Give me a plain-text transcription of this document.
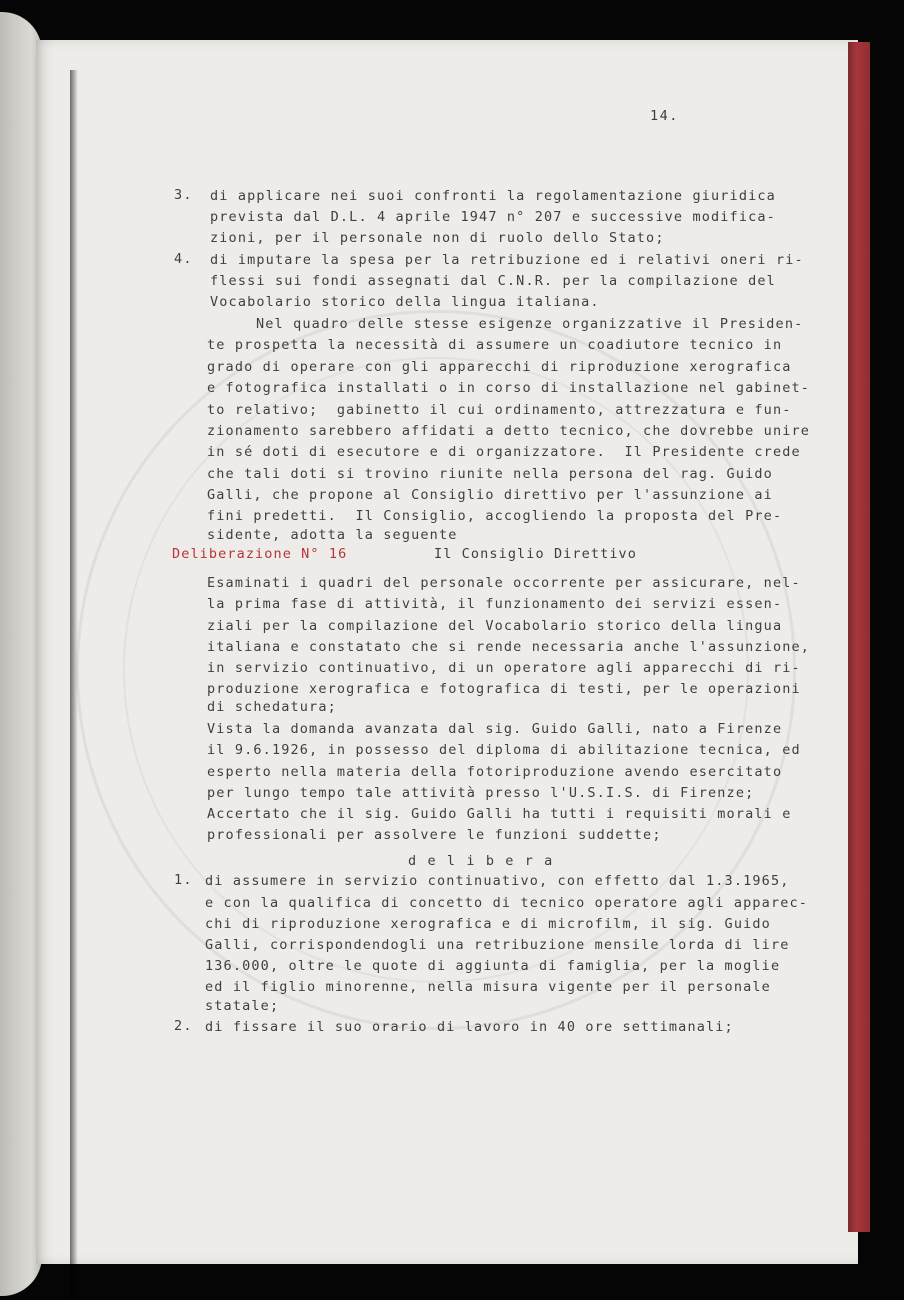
14.
3. di applicare nei suoi confronti la regolamentazione giuridica
prevista dal D.L. 4 aprile 1947 n° 207 e successive modifica-
zioni, per il personale non di ruolo dello Stato;
4. di imputare la spesa per la retribuzione ed i relativi oneri ri-
flessi sui fondi assegnati dal C.N.R. per la compilazione del
Vocabolario storico della lingua italiana.
Nel quadro delle stesse esigenze organizzative il Presiden-
te prospetta la necessità di assumere un coadiutore tecnico in
grado di operare con gli apparecchi di riproduzione xerografica
e fotografica installati o in corso di installazione nel gabinet-
to relativo;  gabinetto il cui ordinamento, attrezzatura e fun-
zionamento sarebbero affidati a detto tecnico, che dovrebbe unire
in sé doti di esecutore e di organizzatore.  Il Presidente crede
che tali doti si trovino riunite nella persona del rag. Guido
Galli, che propone al Consiglio direttivo per l'assunzione ai
fini predetti.  Il Consiglio, accogliendo la proposta del Pre-
sidente, adotta la seguente
Deliberazione N° 16	Il Consiglio Direttivo
Esaminati i quadri del personale occorrente per assicurare, nel-
la prima fase di attività, il funzionamento dei servizi essen-
ziali per la compilazione del Vocabolario storico della lingua
italiana e constatato che si rende necessaria anche l'assunzione,
in servizio continuativo, di un operatore agli apparecchi di ri-
produzione xerografica e fotografica di testi, per le operazioni
di schedatura;
Vista la domanda avanzata dal sig. Guido Galli, nato a Firenze
il 9.6.1926, in possesso del diploma di abilitazione tecnica, ed
esperto nella materia della fotoriproduzione avendo esercitato
per lungo tempo tale attività presso l'U.S.I.S. di Firenze;
Accertato che il sig. Guido Galli ha tutti i requisiti morali e
professionali per assolvere le funzioni suddette;
d e l i b e r a
1. di assumere in servizio continuativo, con effetto dal 1.3.1965,
e con la qualifica di concetto di tecnico operatore agli apparec-
chi di riproduzione xerografica e di microfilm, il sig. Guido
Galli, corrispondendogli una retribuzione mensile lorda di lire
136.000, oltre le quote di aggiunta di famiglia, per la moglie
ed il figlio minorenne, nella misura vigente per il personale
statale;
2. di fissare il suo orario di lavoro in 40 ore settimanali;
